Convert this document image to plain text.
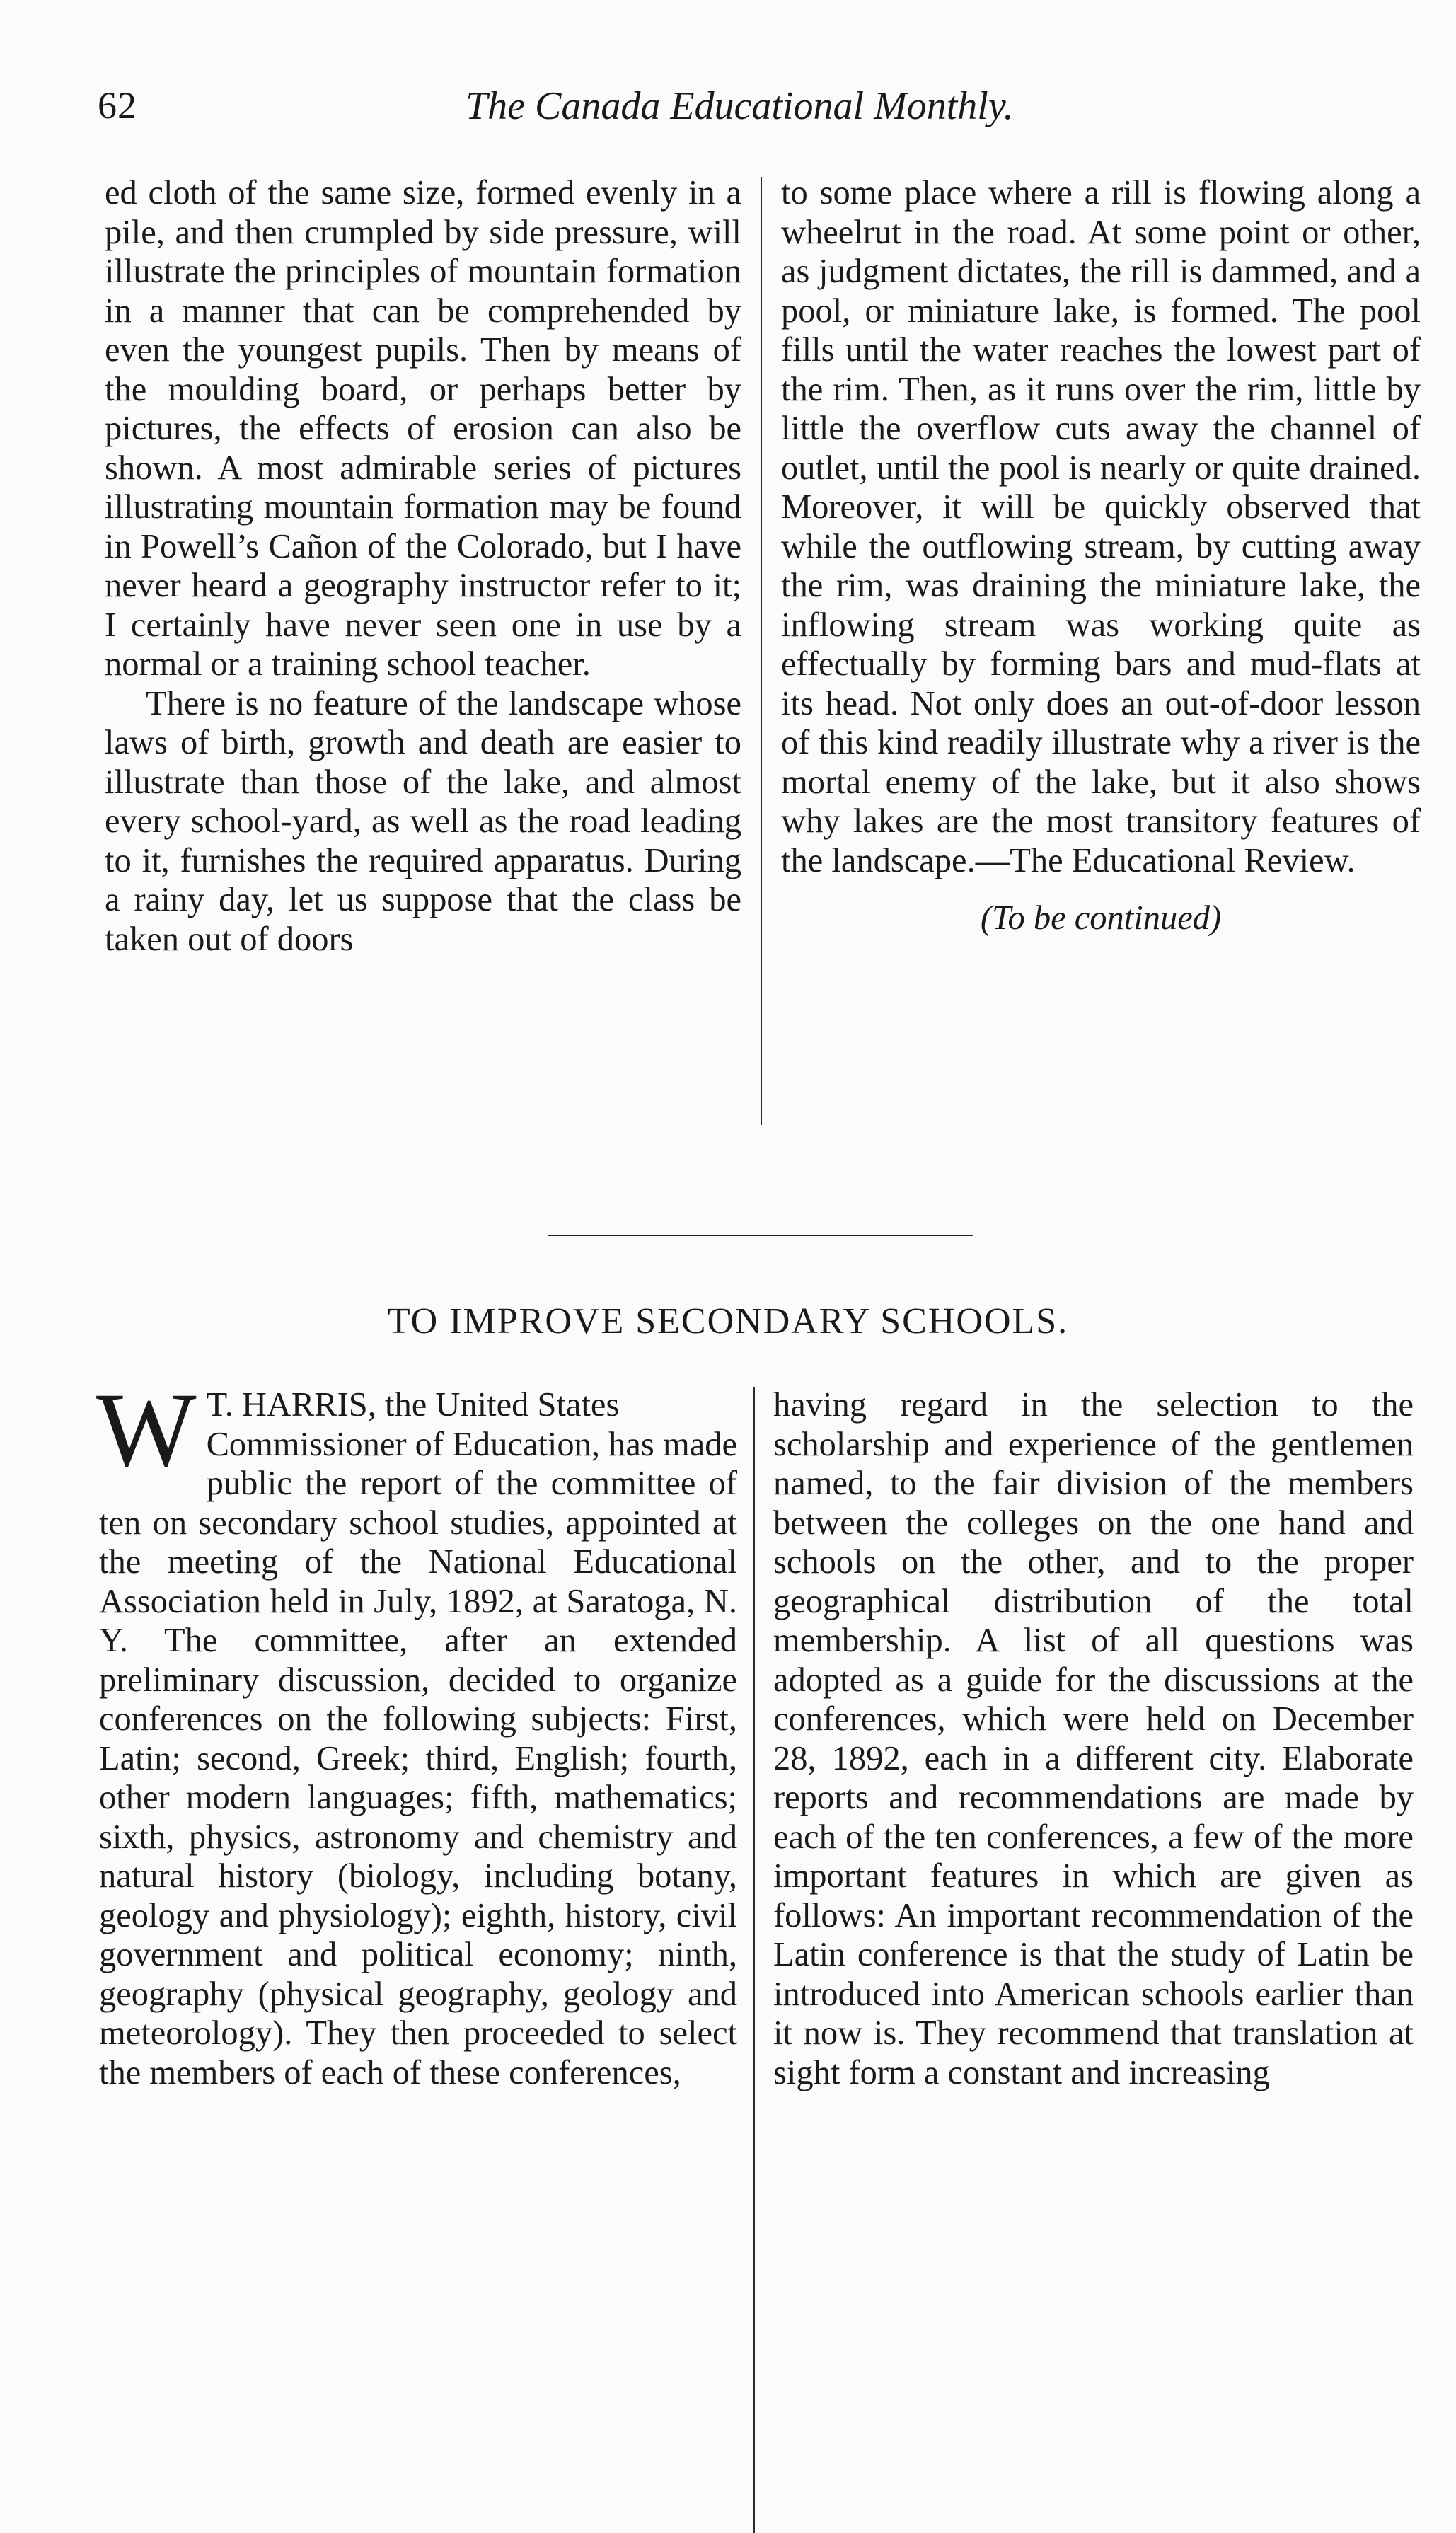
62	The Canada Educational Monthly.

ed cloth of the same size, formed evenly in a pile, and then crumpled by side pressure, will illustrate the principles of mountain formation in a manner that can be comprehended by even the youngest pupils. Then by means of the moulding board, or perhaps better by pictures, the effects of erosion can also be shown. A most admirable series of pictures illustrating mountain formation may be found in Powell’s Cañon of the Colorado, but I have never heard a geography instructor refer to it; I certainly have never seen one in use by a normal or a training school teacher.

There is no feature of the landscape whose laws of birth, growth and death are easier to illustrate than those of the lake, and almost every school-yard, as well as the road leading to it, furnishes the required apparatus. During a rainy day, let us suppose that the class be taken out of doors

to some place where a rill is flowing along a wheelrut in the road. At some point or other, as judgment dictates, the rill is dammed, and a pool, or miniature lake, is formed. The pool fills until the water reaches the lowest part of the rim. Then, as it runs over the rim, little by little the overflow cuts away the channel of outlet, until the pool is nearly or quite drained. Moreover, it will be quickly observed that while the outflowing stream, by cutting away the rim, was draining the miniature lake, the inflowing stream was working quite as effectually by forming bars and mud-flats at its head. Not only does an out-of-door lesson of this kind readily illustrate why a river is the mortal enemy of the lake, but it also shows why lakes are the most transitory features of the landscape.—The Educational Review.

(To be continued)

TO IMPROVE SECONDARY SCHOOLS.

W T. HARRIS, the United States
Commissioner of Education, has made public the report of the committee of ten on secondary school studies, appointed at the meeting of the National Educational Association held in July, 1892, at Saratoga, N. Y. The committee, after an extended preliminary discussion, decided to organize conferences on the following subjects: First, Latin; second, Greek; third, English; fourth, other modern languages; fifth, mathematics; sixth, physics, astronomy and chemistry and natural history (biology, including botany, geology and physiology); eighth, history, civil government and political economy; ninth, geography (physical geography, geology and meteorology). They then proceeded to select the members of each of these conferences,

having regard in the selection to the scholarship and experience of the gentlemen named, to the fair division of the members between the colleges on the one hand and schools on the other, and to the proper geographical distribution of the total membership. A list of all questions was adopted as a guide for the discussions at the conferences, which were held on December 28, 1892, each in a different city. Elaborate reports and recommendations are made by each of the ten conferences, a few of the more important features in which are given as follows: An important recommendation of the Latin conference is that the study of Latin be introduced into American schools earlier than it now is. They recommend that translation at sight form a constant and increasing
